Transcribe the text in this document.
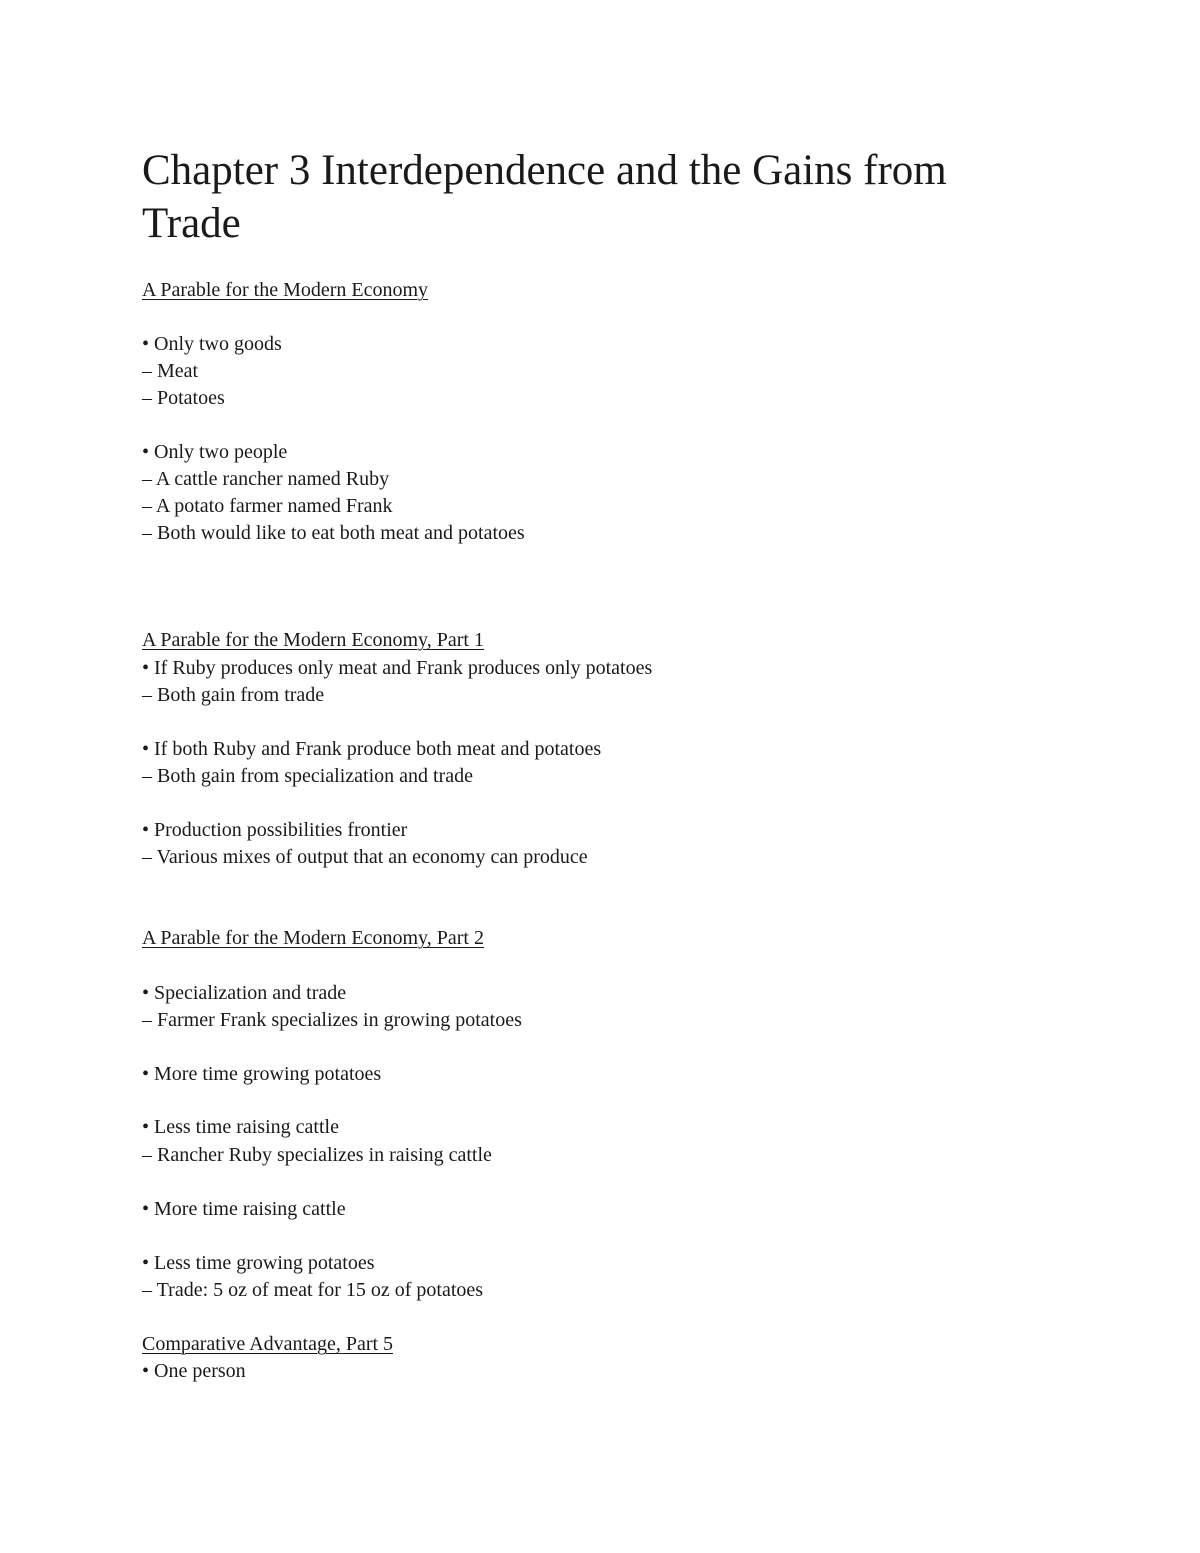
Chapter 3 Interdependence and the Gains from Trade

A Parable for the Modern Economy

• Only two goods

– Meat

– Potatoes

• Only two people

– A cattle rancher named Ruby

– A potato farmer named Frank

– Both would like to eat both meat and potatoes

A Parable for the Modern Economy, Part 1

• If Ruby produces only meat and Frank produces only potatoes

– Both gain from trade

• If both Ruby and Frank produce both meat and potatoes

– Both gain from specialization and trade

• Production possibilities frontier

– Various mixes of output that an economy can produce

A Parable for the Modern Economy, Part 2

• Specialization and trade

– Farmer Frank specializes in growing potatoes

• More time growing potatoes

• Less time raising cattle

– Rancher Ruby specializes in raising cattle

• More time raising cattle

• Less time growing potatoes

– Trade: 5 oz of meat for 15 oz of potatoes

Comparative Advantage, Part 5

• One person
